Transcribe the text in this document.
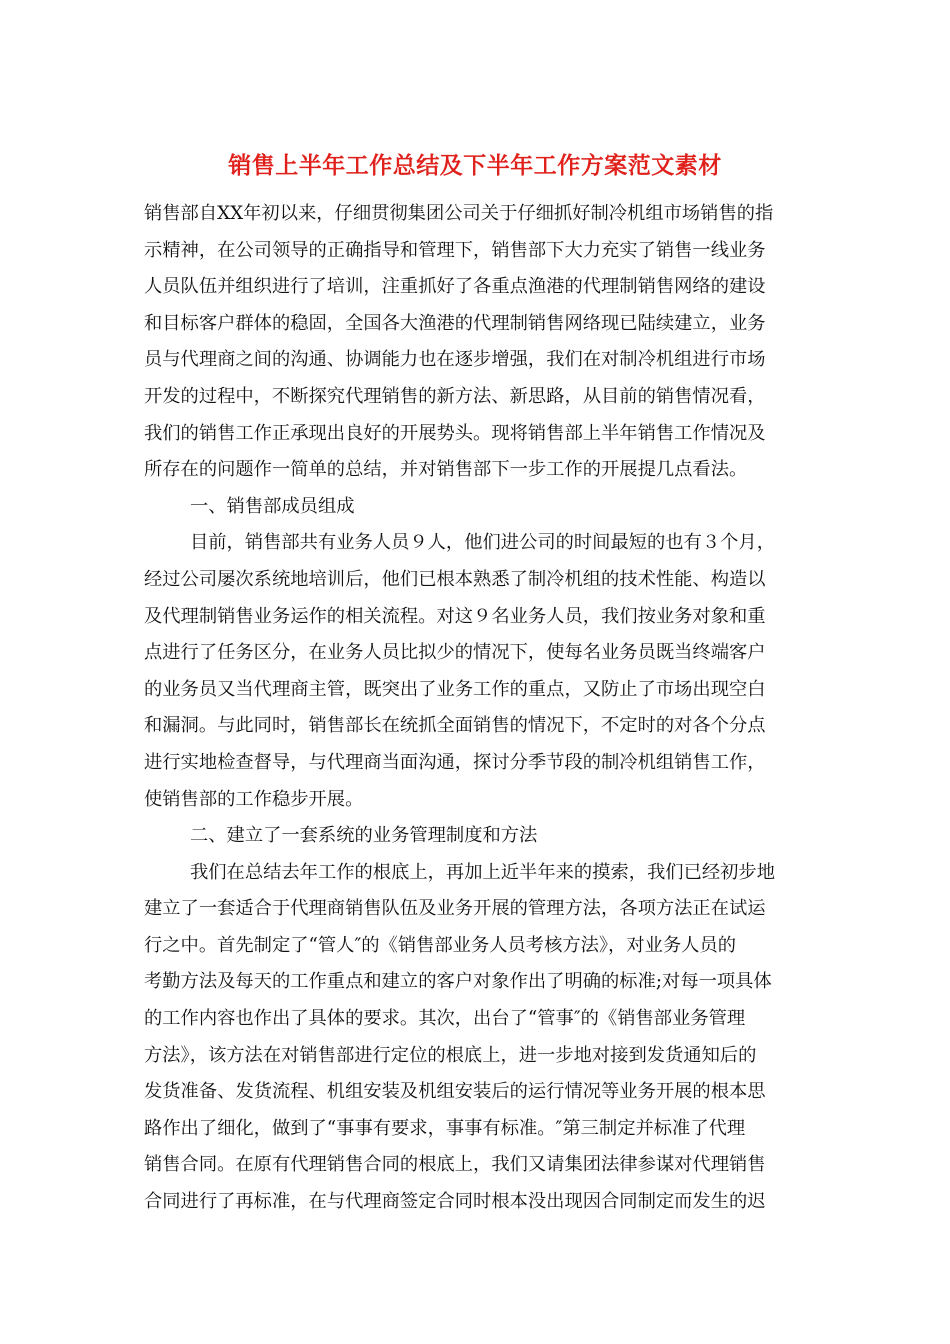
销售上半年工作总结及下半年工作方案范文素材
销售部自XX年初以来，仔细贯彻集团公司关于仔细抓好制冷机组市场销售的指
示精神，在公司领导的正确指导和管理下，销售部下大力充实了销售一线业务
人员队伍并组织进行了培训，注重抓好了各重点渔港的代理制销售网络的建设
和目标客户群体的稳固，全国各大渔港的代理制销售网络现已陆续建立，业务
员与代理商之间的沟通、协调能力也在逐步增强，我们在对制冷机组进行市场
开发的过程中，不断探究代理销售的新方法、新思路，从目前的销售情况看，
我们的销售工作正承现出良好的开展势头。现将销售部上半年销售工作情况及
所存在的问题作一简单的总结，并对销售部下一步工作的开展提几点看法。
一、销售部成员组成
目前，销售部共有业务人员９人，他们进公司的时间最短的也有３个月，
经过公司屡次系统地培训后，他们已根本熟悉了制冷机组的技术性能、构造以
及代理制销售业务运作的相关流程。对这９名业务人员，我们按业务对象和重
点进行了任务区分，在业务人员比拟少的情况下，使每名业务员既当终端客户
的业务员又当代理商主管，既突出了业务工作的重点，又防止了市场出现空白
和漏洞。与此同时，销售部长在统抓全面销售的情况下，不定时的对各个分点
进行实地检查督导，与代理商当面沟通，探讨分季节段的制冷机组销售工作，
使销售部的工作稳步开展。
二、建立了一套系统的业务管理制度和方法
我们在总结去年工作的根底上，再加上近半年来的摸索，我们已经初步地
建立了一套适合于代理商销售队伍及业务开展的管理方法，各项方法正在试运
行之中。首先制定了“管人″的《销售部业务人员考核方法》，对业务人员的
考勤方法及每天的工作重点和建立的客户对象作出了明确的标准;对每一项具体
的工作内容也作出了具体的要求。其次，出台了“管事″的《销售部业务管理
方法》，该方法在对销售部进行定位的根底上，进一步地对接到发货通知后的
发货准备、发货流程、机组安装及机组安装后的运行情况等业务开展的根本思
路作出了细化，做到了“事事有要求，事事有标准。″第三制定并标准了代理
销售合同。在原有代理销售合同的根底上，我们又请集团法律参谋对代理销售
合同进行了再标准，在与代理商签定合同时根本没出现因合同制定而发生的迟
